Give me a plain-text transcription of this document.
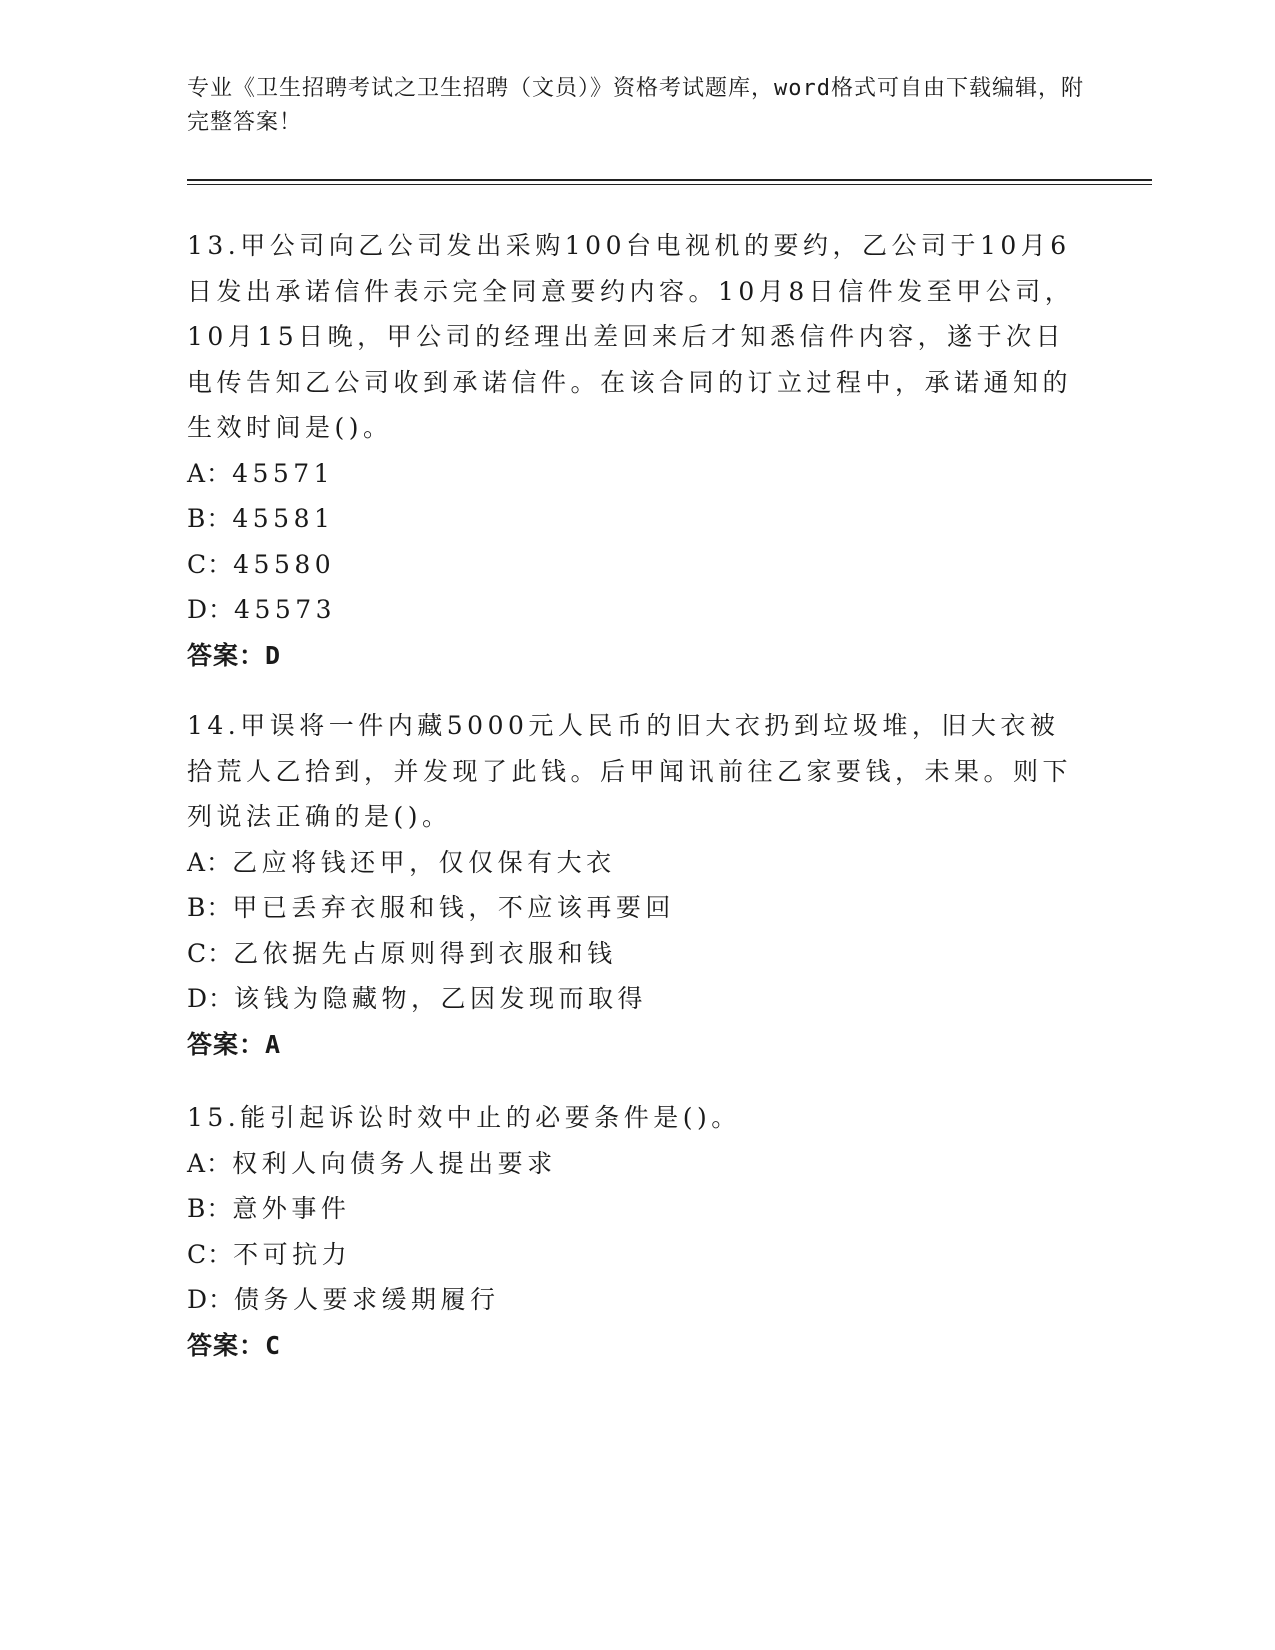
专业《卫生招聘考试之卫生招聘（文员）》资格考试题库，word格式可自由下载编辑，附完整答案！

13.甲公司向乙公司发出采购100台电视机的要约，乙公司于10月6日发出承诺信件表示完全同意要约内容。10月8日信件发至甲公司，10月15日晚，甲公司的经理出差回来后才知悉信件内容，遂于次日电传告知乙公司收到承诺信件。在该合同的订立过程中，承诺通知的生效时间是()。

A：45571

B：45581

C：45580

D：45573

答案：D

14.甲误将一件内藏5000元人民币的旧大衣扔到垃圾堆，旧大衣被拾荒人乙拾到，并发现了此钱。后甲闻讯前往乙家要钱，未果。则下列说法正确的是()。

A：乙应将钱还甲，仅仅保有大衣

B：甲已丢弃衣服和钱，不应该再要回

C：乙依据先占原则得到衣服和钱

D：该钱为隐藏物，乙因发现而取得

答案：A

15.能引起诉讼时效中止的必要条件是()。

A：权利人向债务人提出要求

B：意外事件

C：不可抗力

D：债务人要求缓期履行

答案：C
